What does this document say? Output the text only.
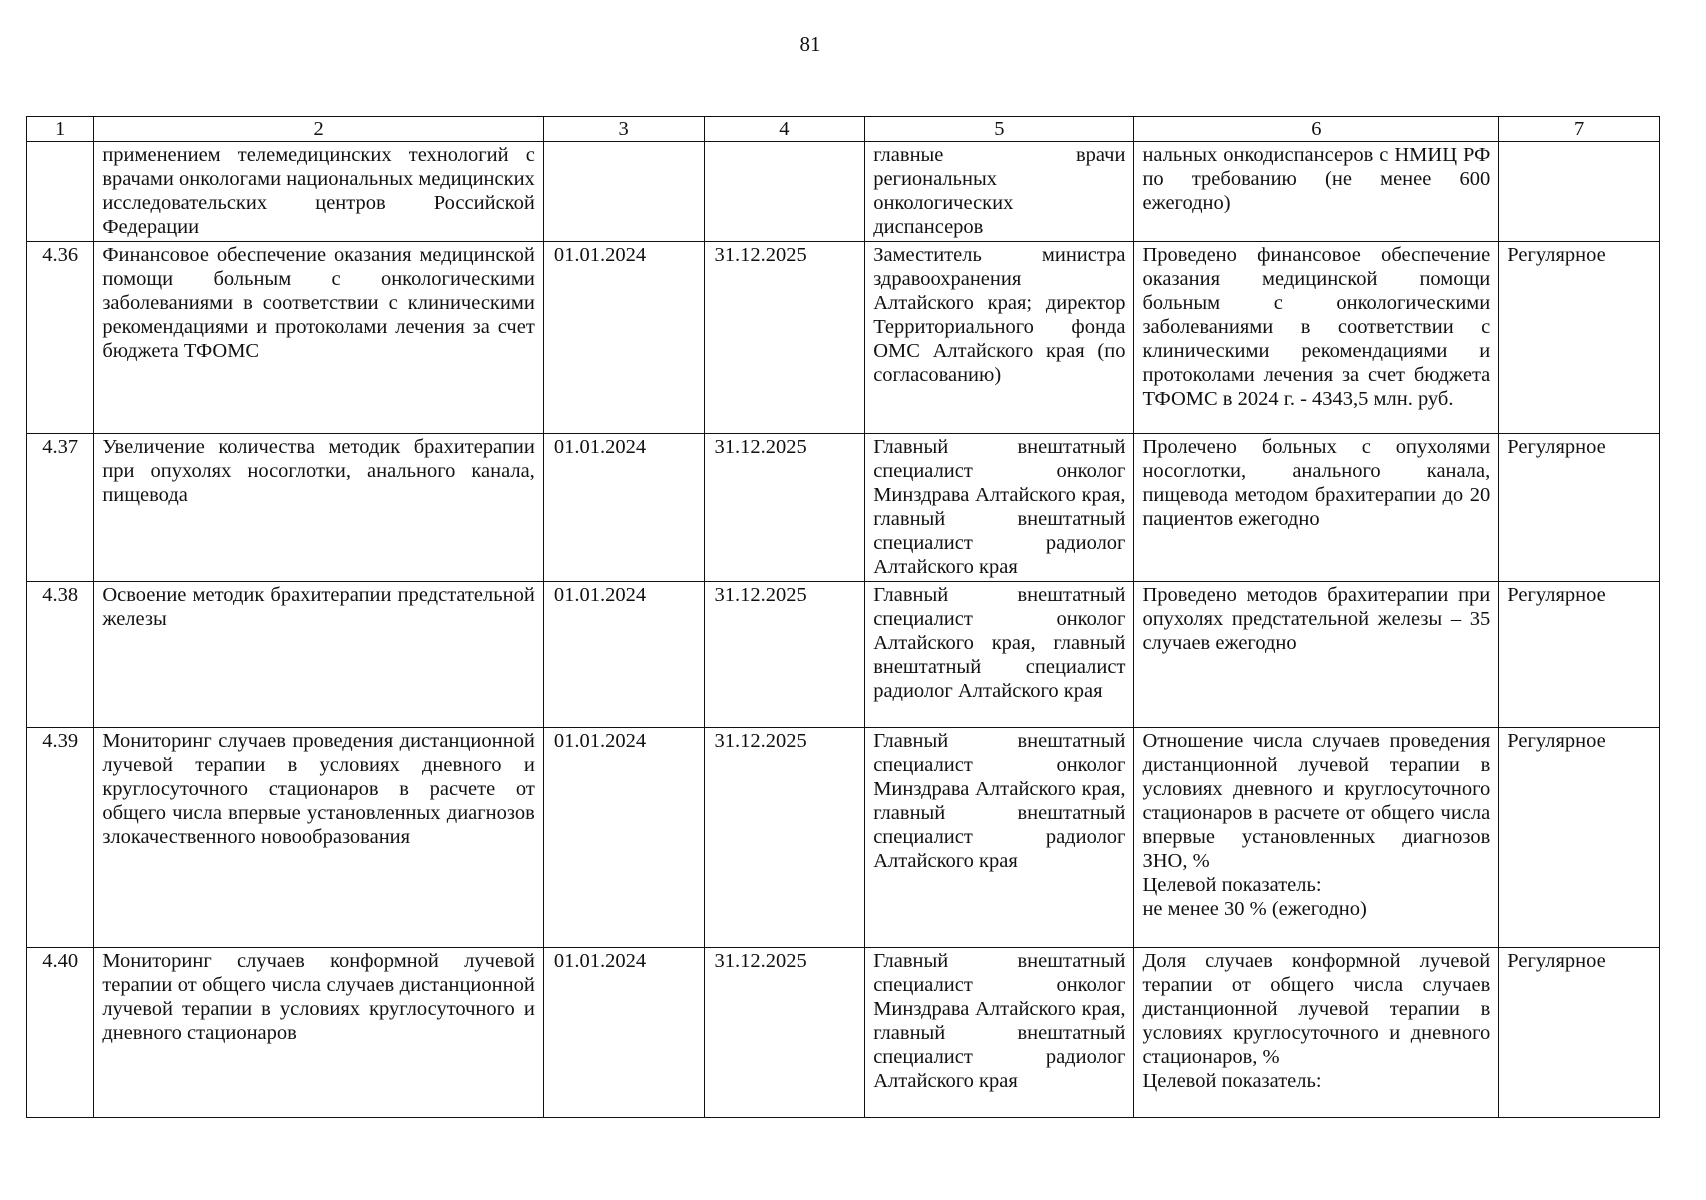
81
1	2	3	4	5	6	7
	применением телемедицинских технологий с врачами онкологами национальных медицинских исследовательских центров Российской Федерации			главные врачи региональных онкологических диспансеров	нальных онкодиспансеров с НМИЦ РФ по требованию (не менее 600 ежегодно)	
4.36	Финансовое обеспечение оказания медицинской помощи больным с онкологическими заболеваниями в соответствии с клиническими рекомендациями и протоколами лечения за счет бюджета ТФОМС	01.01.2024	31.12.2025	Заместитель министра здравоохранения Алтайского края; директор Территориального фонда ОМС Алтайского края (по согласованию)	Проведено финансовое обеспечение оказания медицинской помощи больным с онкологическими заболеваниями в соответствии с клиническими рекомендациями и протоколами лечения за счет бюджета ТФОМС в 2024 г. - 4343,5 млн. руб.	Регулярное
4.37	Увеличение количества методик брахитерапии при опухолях носоглотки, анального канала, пищевода	01.01.2024	31.12.2025	Главный внештатный специалист онколог Минздрава Алтайского края, главный внештатный специалист радиолог Алтайского края	Пролечено больных с опухолями носоглотки, анального канала, пищевода методом брахитерапии до 20 пациентов ежегодно	Регулярное
4.38	Освоение методик брахитерапии предстательной железы	01.01.2024	31.12.2025	Главный внештатный специалист онколог Алтайского края, главный внештатный специалист радиолог Алтайского края	Проведено методов брахитерапии при опухолях предстательной железы – 35 случаев ежегодно	Регулярное
4.39	Мониторинг случаев проведения дистанционной лучевой терапии в условиях дневного и круглосуточного стационаров в расчете от общего числа впервые установленных диагнозов злокачественного новообразования	01.01.2024	31.12.2025	Главный внештатный специалист онколог Минздрава Алтайского края, главный внештатный специалист радиолог Алтайского края	Отношение числа случаев проведения дистанционной лучевой терапии в условиях дневного и круглосуточного стационаров в расчете от общего числа впервые установленных диагнозов ЗНО, %
Целевой показатель:
не менее 30 % (ежегодно)	Регулярное
4.40	Мониторинг случаев конформной лучевой терапии от общего числа случаев дистанционной лучевой терапии в условиях круглосуточного и дневного стационаров	01.01.2024	31.12.2025	Главный внештатный специалист онколог Минздрава Алтайского края, главный внештатный специалист радиолог Алтайского края	Доля случаев конформной лучевой терапии от общего числа случаев дистанционной лучевой терапии в условиях круглосуточного и дневного стационаров, %
Целевой показатель:	Регулярное
